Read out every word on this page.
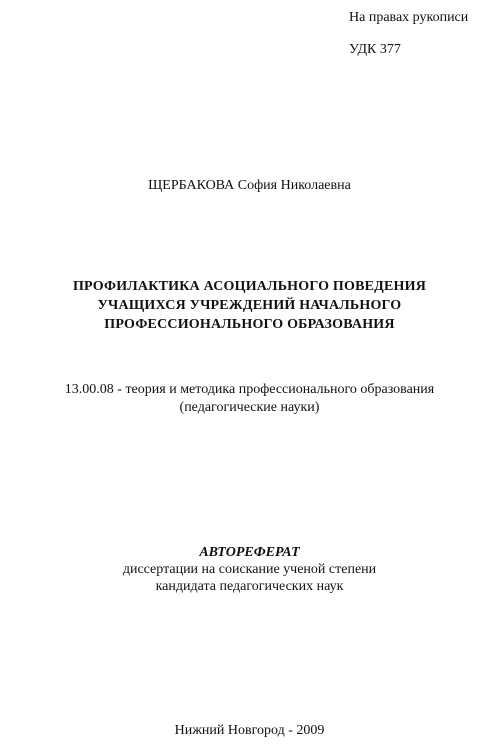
На правах рукописи
УДК 377
ЩЕРБАКОВА София Николаевна
ПРОФИЛАКТИКА АСОЦИАЛЬНОГО ПОВЕДЕНИЯ
УЧАЩИХСЯ УЧРЕЖДЕНИЙ НАЧАЛЬНОГО
ПРОФЕССИОНАЛЬНОГО ОБРАЗОВАНИЯ
13.00.08 - теория и методика профессионального образования
(педагогические науки)
АВТОРЕФЕРАТ
диссертации на соискание ученой степени
кандидата педагогических наук
Нижний Новгород - 2009
